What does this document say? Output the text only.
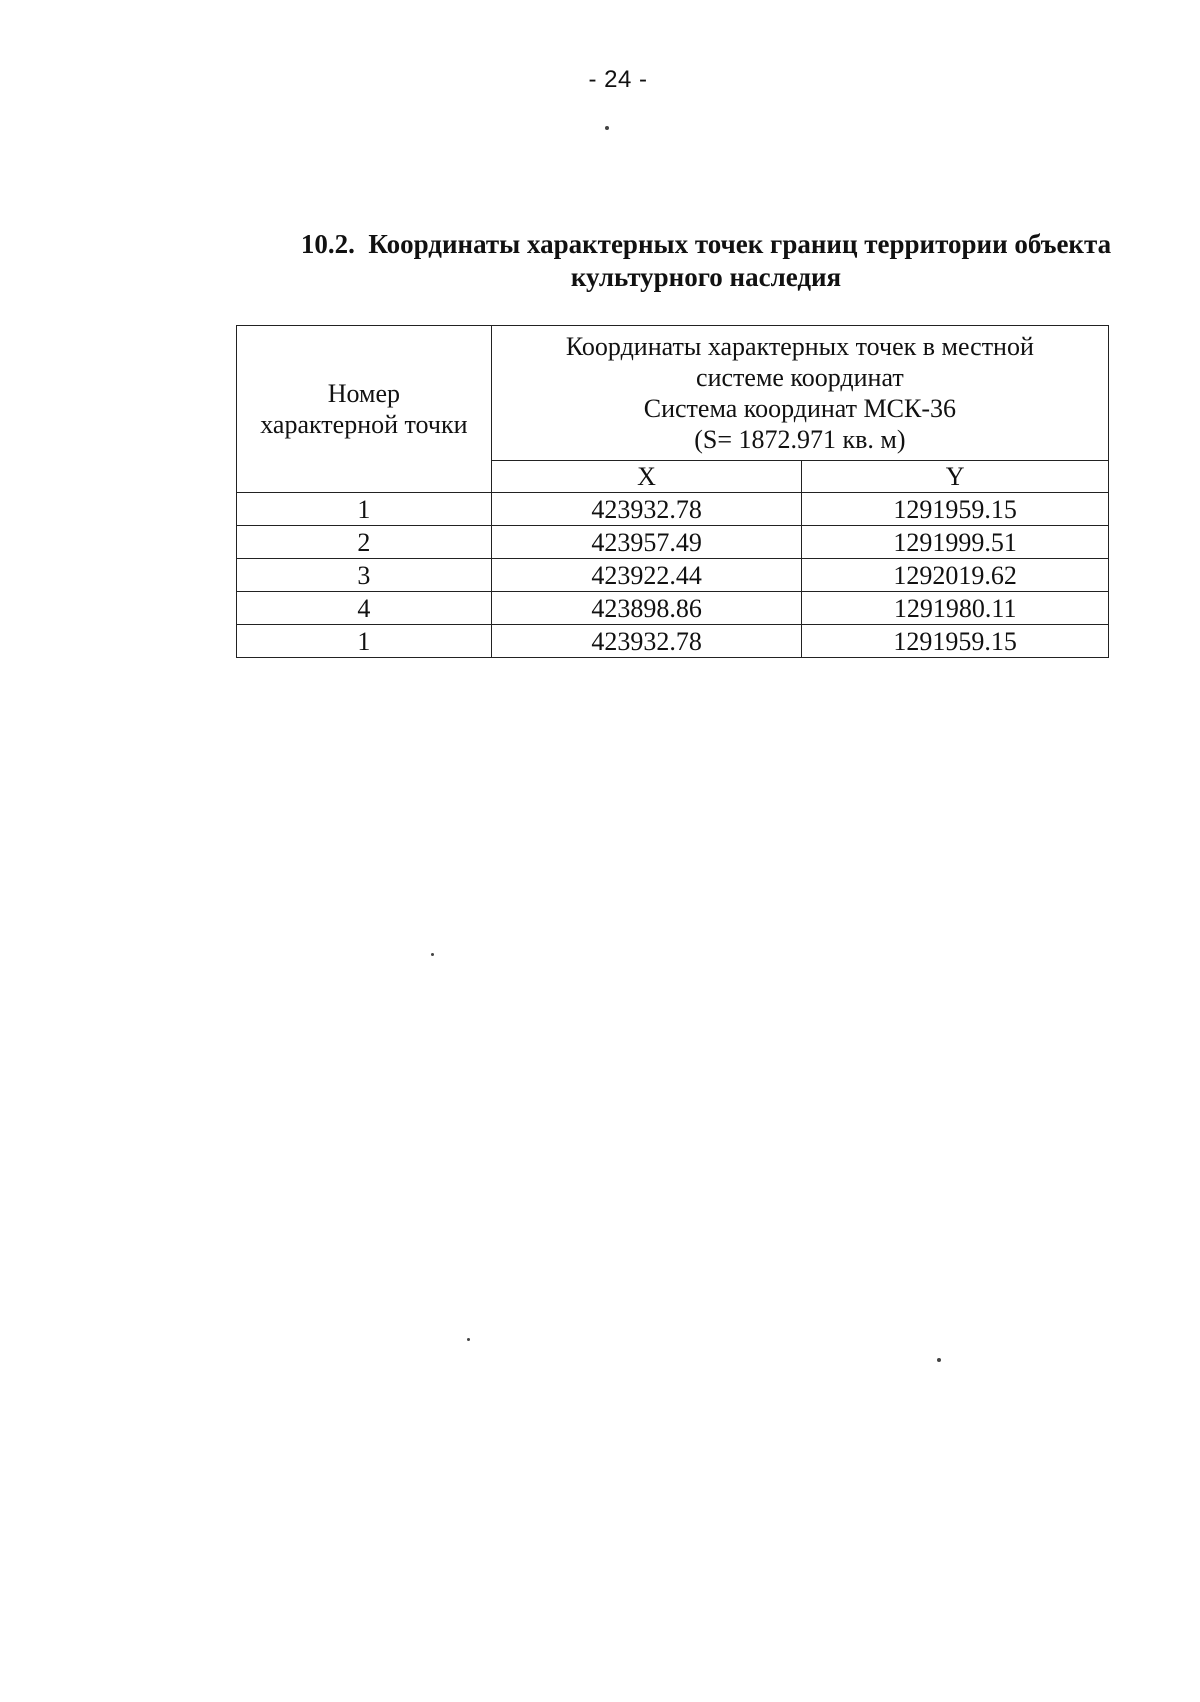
- 24 -
10.2. Координаты характерных точек границ территории объекта
культурного наследия
Номер
характерной точки	Координаты характерных точек в местной
системе координат
Система координат МСК-36
(S= 1872.971 кв. м)	

	X	Y
1	423932.78	1291959.15
2	423957.49	1291999.51
3	423922.44	1292019.62
4	423898.86	1291980.11
1	423932.78	1291959.15
